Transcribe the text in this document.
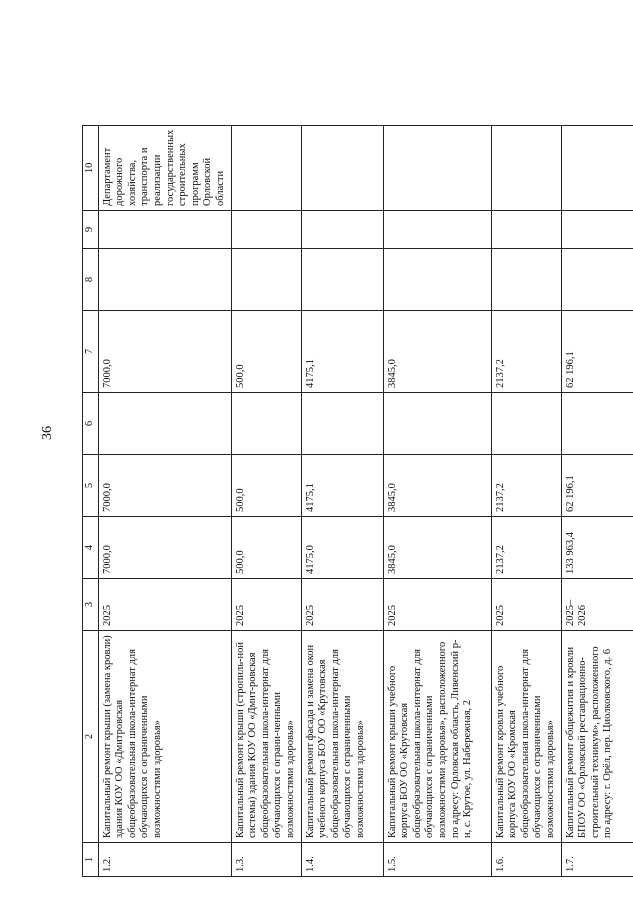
36
1	2	3	4	5	6	7	8	9	10
1.2.	Капитальный ремонт крыши (замена кровли) здания КОУ ОО «Дмитровская общеобразовательная школа-интернат для обучающихся с ограниченными возможностями здоровья»	2025	7000,0	7000,0		7000,0			Департамент дорожного хозяйства, транспорта и реализации государственных строительных программ Орловской области
1.3.	Капитальный ремонт крыши (стропиль-ной системы) здания КОУ ОО «Дмит-ровская общеобразовательная школа-интернат для обучающихся с ограни-ченными возможностями здоровья»	2025	500,0	500,0		500,0			
1.4.	Капитальный ремонт фасада и замена окон учебного корпуса БОУ ОО «Крутовская общеобразовательная школа-интернат для обучающихся с ограниченными возможностями здоровья»	2025	4175,0	4175,1		4175,1			
1.5.	Капитальный ремонт крыши учебного корпуса БОУ ОО «Крутовская общеобразовательная школа-интернат для обучающихся с ограниченными возможностями здоровья», расположенного по адресу: Орловская область, Ливенский р-н, с. Крутое, ул. Набережная, 2	2025	3845,0	3845,0		3845,0			
1.6.	Капитальный ремонт кровли учебного корпуса КОУ ОО «Кромская общеобразовательная школа-интернат для обучающихся с ограниченными возможностями здоровья»	2025	2137,2	2137,2		2137,2			
1.7.	Капитальный ремонт общежития и кровли БПОУ ОО «Орловский реставрационно-строительный техникум», расположенного по адресу: г. Орёл, пер. Циолковского, д. 6	2025–2026	133 963,4	62 196,1		62 196,1			
